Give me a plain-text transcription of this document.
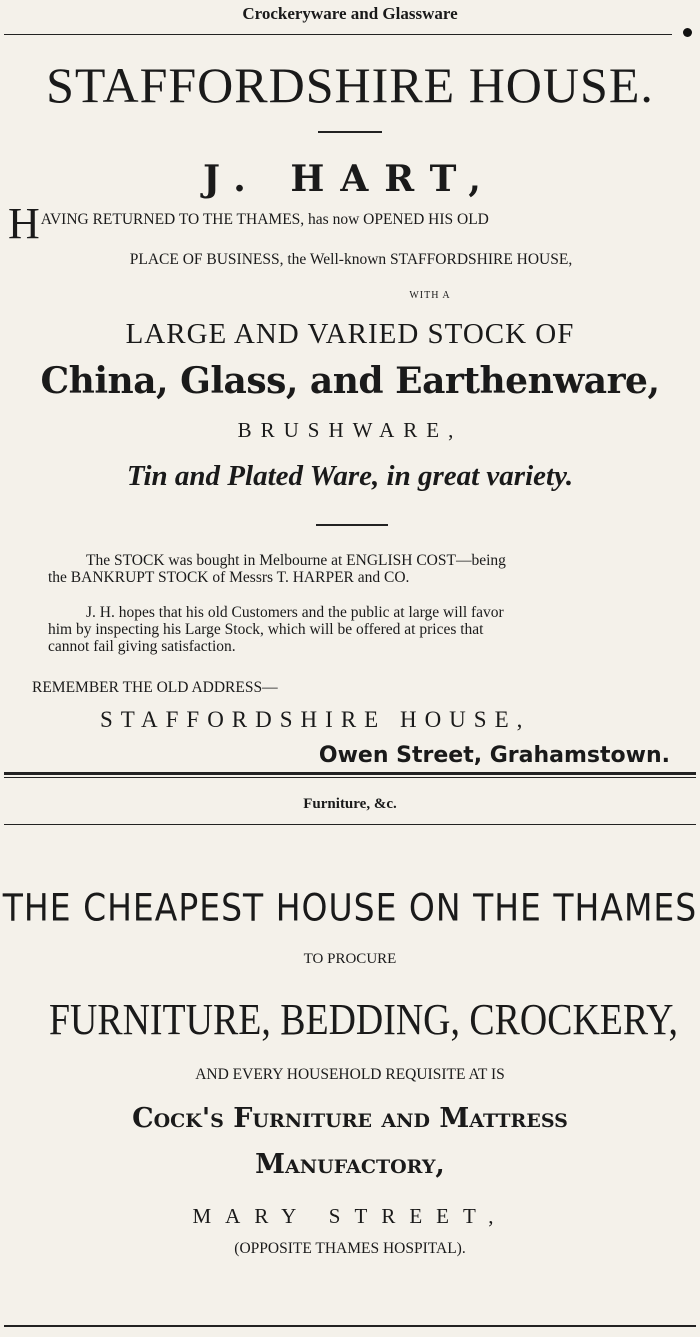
Crockeryware and Glassware
STAFFORDSHIRE HOUSE.
J. HART,
HAVING RETURNED TO THE THAMES, has now OPENED HIS OLD
PLACE OF BUSINESS, the Well-known STAFFORDSHIRE HOUSE,
WITH A
LARGE AND VARIED STOCK OF
China, Glass, and Earthenware,
BRUSHWARE,
Tin and Plated Ware, in great variety.
The STOCK was bought in Melbourne at ENGLISH COST—being
the BANKRUPT STOCK of Messrs T. HARPER and CO.
J. H. hopes that his old Customers and the public at large will favor
him by inspecting his Large Stock, which will be offered at prices that
cannot fail giving satisfaction.
REMEMBER THE OLD ADDRESS—
STAFFORDSHIRE HOUSE,
Owen Street, Grahamstown.
Furniture, &c.
THE CHEAPEST HOUSE ON THE THAMES
TO PROCURE
FURNITURE, BEDDING, CROCKERY,
AND EVERY HOUSEHOLD REQUISITE AT IS
Cock's Furniture and Mattress
Manufactory,
MARY STREET,
(OPPOSITE THAMES HOSPITAL).
